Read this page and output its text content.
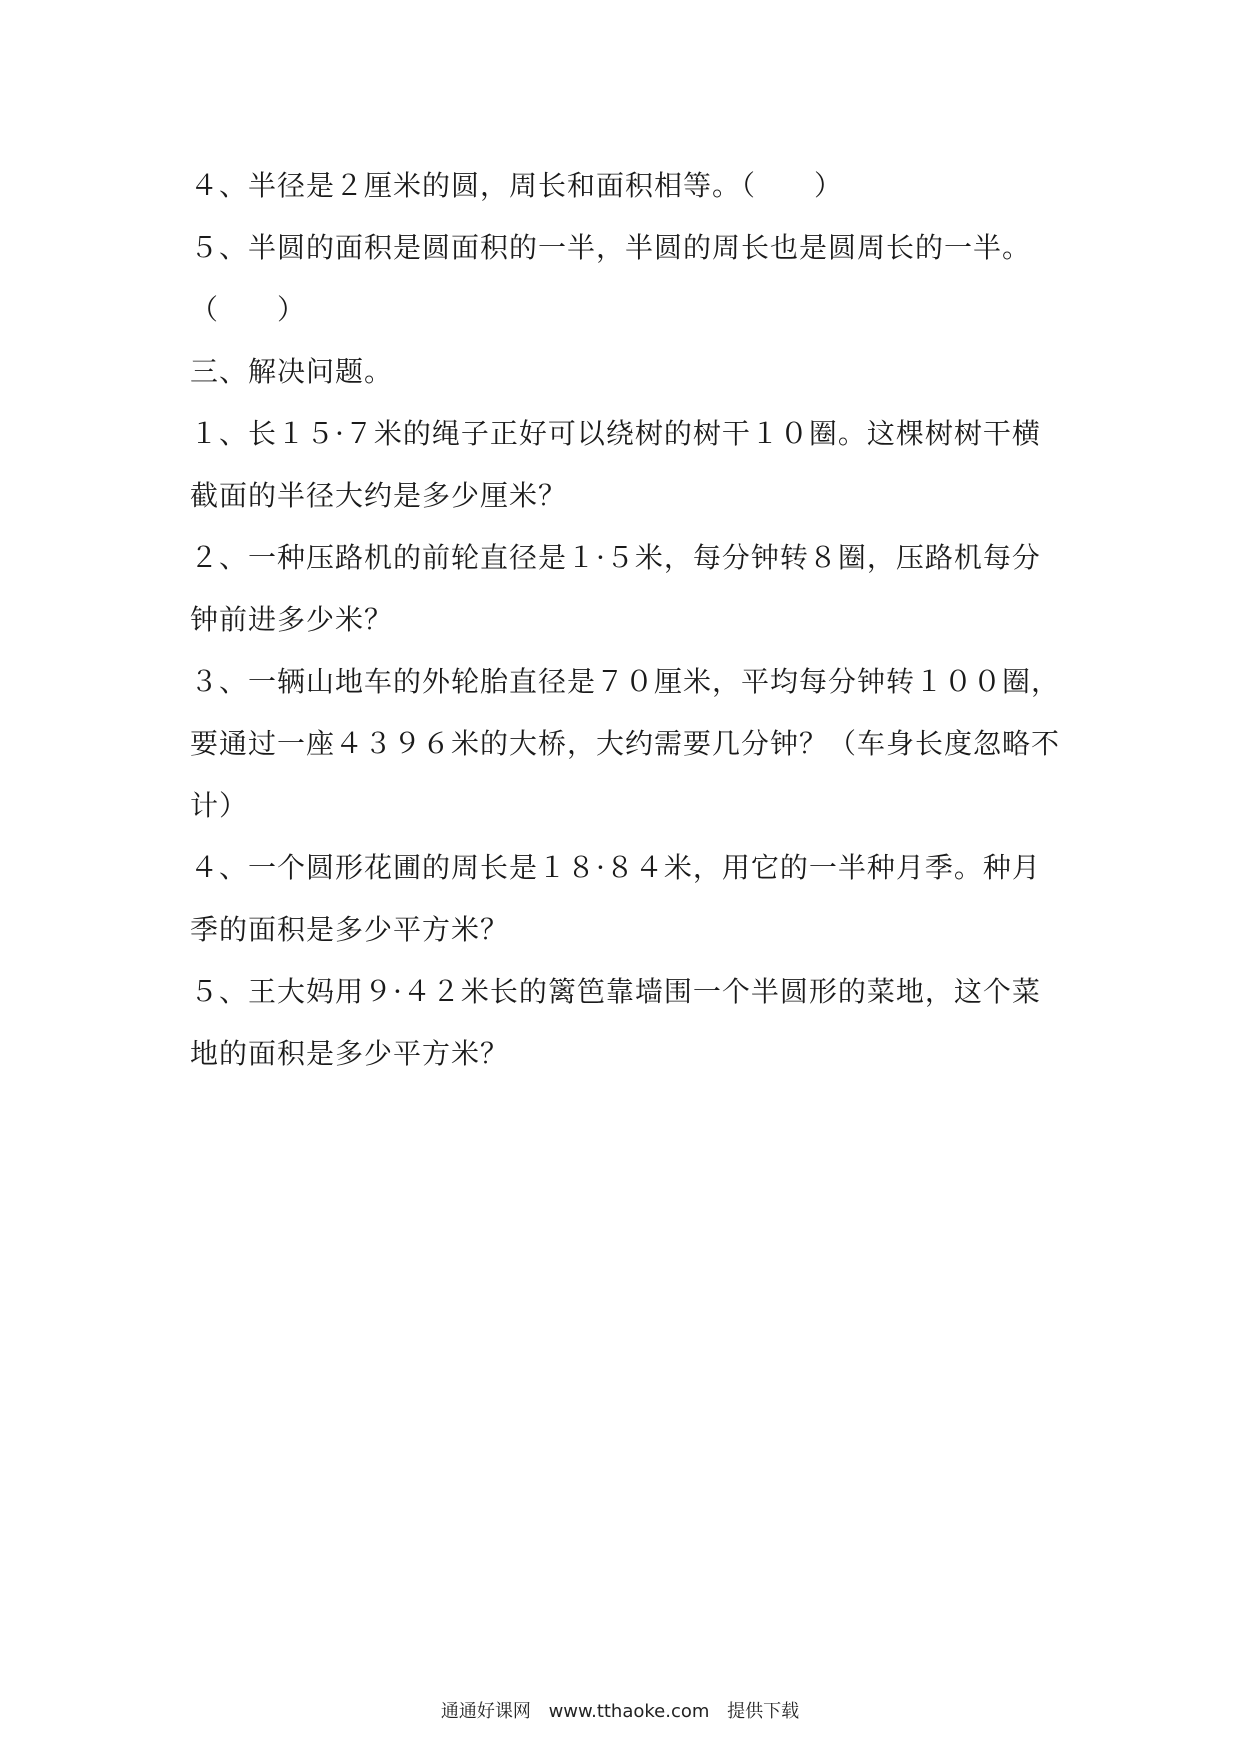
４、半径是２厘米的圆，周长和面积相等。（　　）
５、半圆的面积是圆面积的一半，半圆的周长也是圆周长的一半。
（　　）
三、解决问题。
１、长１５·７米的绳子正好可以绕树的树干１０圈。这棵树树干横
截面的半径大约是多少厘米？
２、一种压路机的前轮直径是１·５米，每分钟转８圈，压路机每分
钟前进多少米？
３、一辆山地车的外轮胎直径是７０厘米，平均每分钟转１００圈，
要通过一座４３９６米的大桥，大约需要几分钟？（车身长度忽略不
计）
４、一个圆形花圃的周长是１８·８４米，用它的一半种月季。种月
季的面积是多少平方米？
５、王大妈用９·４２米长的篱笆靠墙围一个半圆形的菜地，这个菜
地的面积是多少平方米？
通通好课网 www.tthaoke.com 提供下载
